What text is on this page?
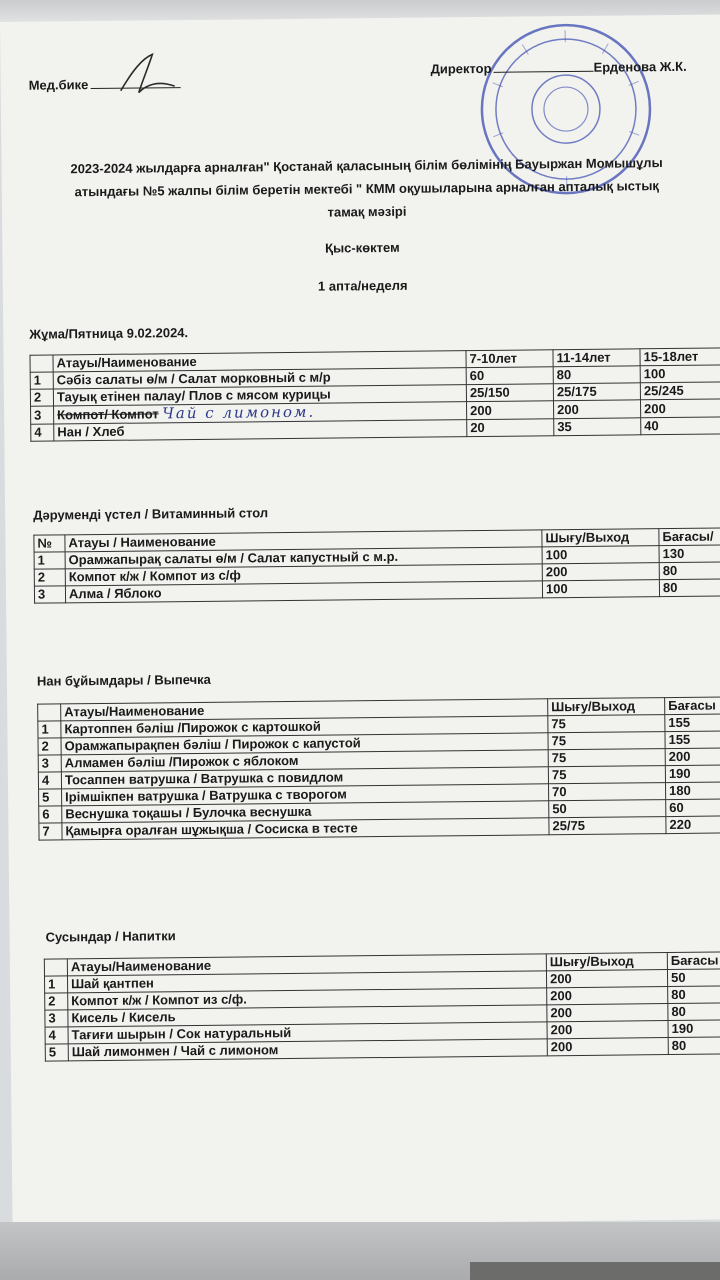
Мед.бике
Директор	Ерденова Ж.К.
2023-2024 жылдарға арналған" Қостанай қаласының білім бөлімінің Бауыржан Момышұлы
атындағы №5 жалпы білім беретін мектебі " КММ оқушыларына арналған апталық ыстық
тамақ мәзірі
Қыс-көктем
1 апта/неделя
Жұма/Пятница 9.02.2024.
	Атауы/Наименование	7-10лет	11-14лет	15-18лет
1	Сәбіз салаты ө/м / Салат морковный с м/р	60	80	100
2	Тауық етінен палау/ Плов с мясом курицы	25/150	25/175	25/245
3	Компот/ Компот Чай с лимоном.	200	200	200
4	Нан / Хлеб	20	35	40
Дәрумендi үстел / Витаминный стол
№	Атауы / Наименование	Шығу/Выход	Бағасы/
1	Орамжапырақ салаты ө/м / Салат капустный с м.р.	100	130
2	Компот к/ж / Компот из с/ф	200	80
3	Алма / Яблоко	100	80
Нан бұйымдары / Выпечка
	Атауы/Наименование	Шығу/Выход	Бағасы
1	Картоппен бәліш /Пирожок с картошкой	75	155
2	Орамжапырақпен бәліш / Пирожок с капустой	75	155
3	Алмамен бәліш /Пирожок с яблоком	75	200
4	Тосаппен ватрушка / Ватрушка с повидлом	75	190
5	Ірімшікпен ватрушка / Ватрушка с творогом	70	180
6	Веснушка тоқашы / Булочка веснушка	50	60
7	Қамырға оралған шұжықша / Сосиска в тесте	25/75	220
Сусындар / Напитки
	Атауы/Наименование	Шығу/Выход	Бағасы
1	Шай қантпен	200	50
2	Компот к/ж / Компот из с/ф.	200	80
3	Кисель / Кисель	200	80
4	Тағиғи шырын / Сок натуральный	200	190
5	Шай лимонмен / Чай с лимоном	200	80
